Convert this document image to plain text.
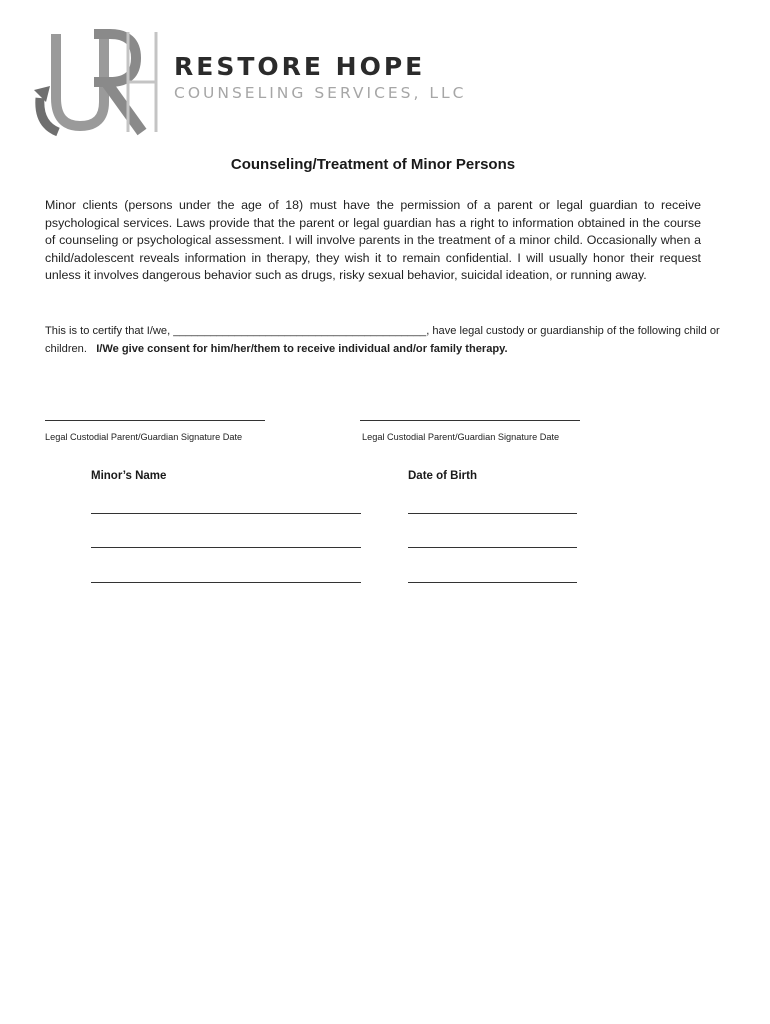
RESTORE HOPE
COUNSELING SERVICES, LLC
Counseling/Treatment of Minor Persons
Minor clients (persons under the age of 18) must have the permission of a parent or legal guardian to receive psychological services. Laws provide that the parent or legal guardian has a right to information obtained in the course of counseling or psychological assessment. I will involve parents in the treatment of a minor child. Occasionally when a child/adolescent reveals information in therapy, they wish it to remain confidential. I will usually honor their request unless it involves dangerous behavior such as drugs, risky sexual behavior, suicidal ideation, or running away.
This is to certify that I/we, _________________________________________, have legal custody or guardianship of the following child or children. I/We give consent for him/her/them to receive individual and/or family therapy.
Legal Custodial Parent/Guardian Signature Date	Legal Custodial Parent/Guardian Signature Date
Minor’s Name	Date of Birth
